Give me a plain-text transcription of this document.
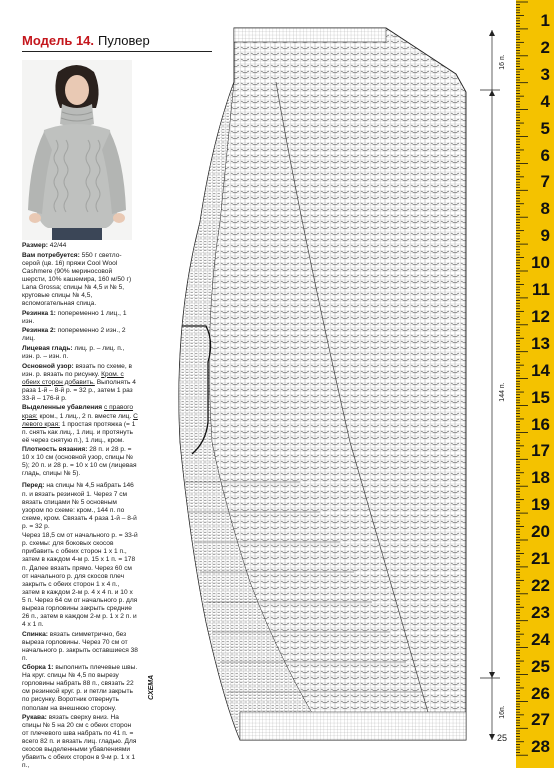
Модель 14. Пуловер

Размер: 42/44

Вам потребуется: 550 г светло-серой (цв. 16) пряжи Cool Wool Cashmere (90% мериносовой шерсти, 10% кашемира, 160 м/50 г) Lana Grossa; спицы № 4,5 и № 5, круговые спицы № 4,5, вспомогательная спица.

Резинка 1: попеременно 1 лиц., 1 изн.

Резинка 2: попеременно 2 изн., 2 лиц.

Лицевая гладь: лиц. р. – лиц. п., изн. р. – изн. п.

Основной узор: вязать по схеме, в изн. р. вязать по рисунку. Кром. с обеих сторон добавить. Выполнять 4 раза 1-й – 8-й р. = 32 р., затем 1 раз 33-й – 176-й р.

Выделенные убавления с правого края: кром., 1 лиц., 2 п. вместе лиц. С левого края: 1 простая протяжка (= 1 п. снять как лиц., 1 лиц. и протянуть её через снятую п.), 1 лиц., кром.

Плотность вязания: 28 п. и 28 р. = 10 х 10 см (основной узор, спицы № 5); 20 п. и 28 р. = 10 х 10 см (лицевая гладь, спицы № 5).

Перед: на спицы № 4,5 набрать 146 п. и вязать резинкой 1. Через 7 см вязать спицами № 5 основным узором по схеме: кром., 144 п. по схеме, кром. Связать 4 раза 1-й – 8-й р. = 32 р.

Через 18,5 см от начального р. = 33-й р. схемы: для боковых скосов прибавить с обеих сторон 1 х 1 п., затем в каждом 4-м р. 15 х 1 п. = 178 п. Далее вязать прямо. Через 60 см от начального р. для скосов плеч закрыть с обеих сторон 1 х 4 п., затем в каждом 2-м р. 4 х 4 п. и 10 х 5 п. Через 64 см от начального р. для выреза горловины закрыть средние 26 п., затем в каждом 2-м р. 1 х 2 п. и 4 х 1 п.

Спинка: вязать симметрично, без выреза горловины. Через 70 см от начального р. закрыть оставшиеся 38 п.

Сборка 1: выполнить плечевые швы. На круг. спицы № 4,5 по вырезу горловины набрать 88 п., связать 22 см резинкой круг. р. и петли закрыть по рисунку. Воротник отвернуть пополам на внешнюю сторону.

Рукава: вязать сверху вниз. На спицы № 5 на 20 см с обеих сторон от плечевого шва набрать по 41 п. = всего 82 п. и вязать лиц. гладью. Для скосов выделенными убавлениями убавить с обеих сторон в 9-м р. 1 х 1 п.,

16 п.
144 п.
16п.
СХЕМА
25
1
2
3
4
5
6
7
8
9
10
11
12
13
14
15
16
17
18
19
20
21
22
23
24
25
26
27
28
